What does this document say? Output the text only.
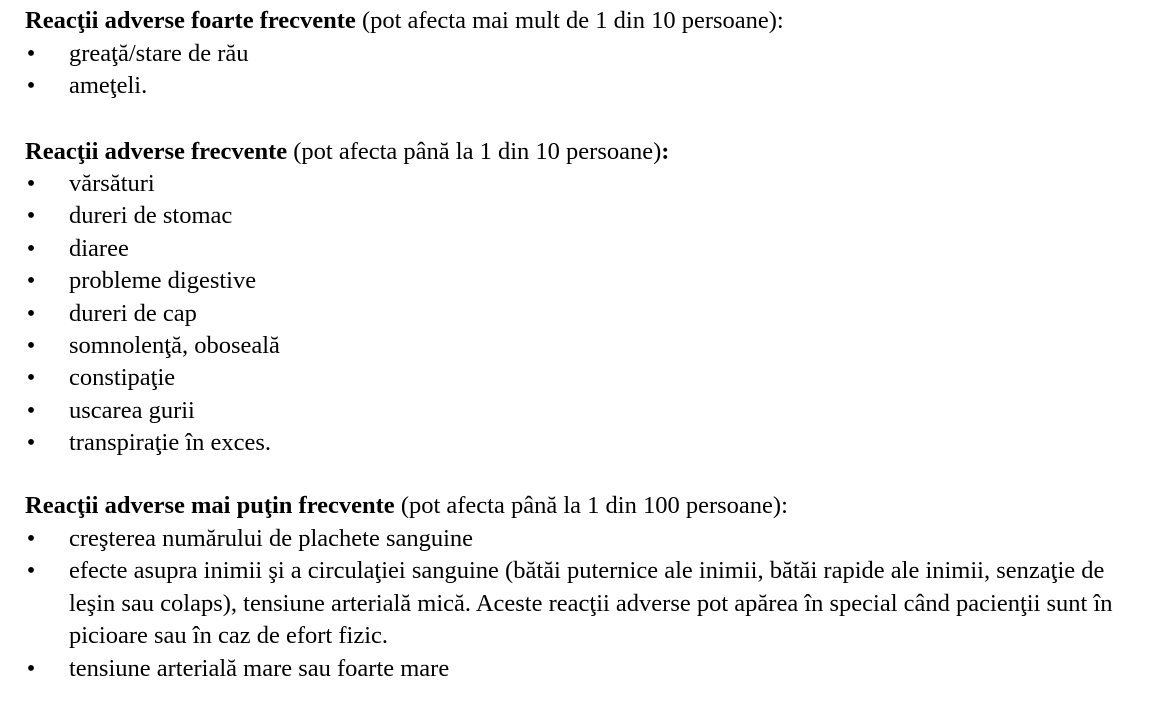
Reacţii adverse foarte frecvente (pot afecta mai mult de 1 din 10 persoane):
• greaţă/stare de rău
• ameţeli.
Reacţii adverse frecvente (pot afecta până la 1 din 10 persoane):
• vărsături
• dureri de stomac
• diaree
• probleme digestive
• dureri de cap
• somnolenţă, oboseală
• constipaţie
• uscarea gurii
• transpiraţie în exces.
Reacţii adverse mai puţin frecvente (pot afecta până la 1 din 100 persoane):
• creşterea numărului de plachete sanguine
• efecte asupra inimii şi a circulaţiei sanguine (bătăi puternice ale inimii, bătăi rapide ale inimii, senzaţie de leşin sau colaps), tensiune arterială mică. Aceste reacţii adverse pot apărea în special când pacienţii sunt în picioare sau în caz de efort fizic.
• tensiune arterială mare sau foarte mare
